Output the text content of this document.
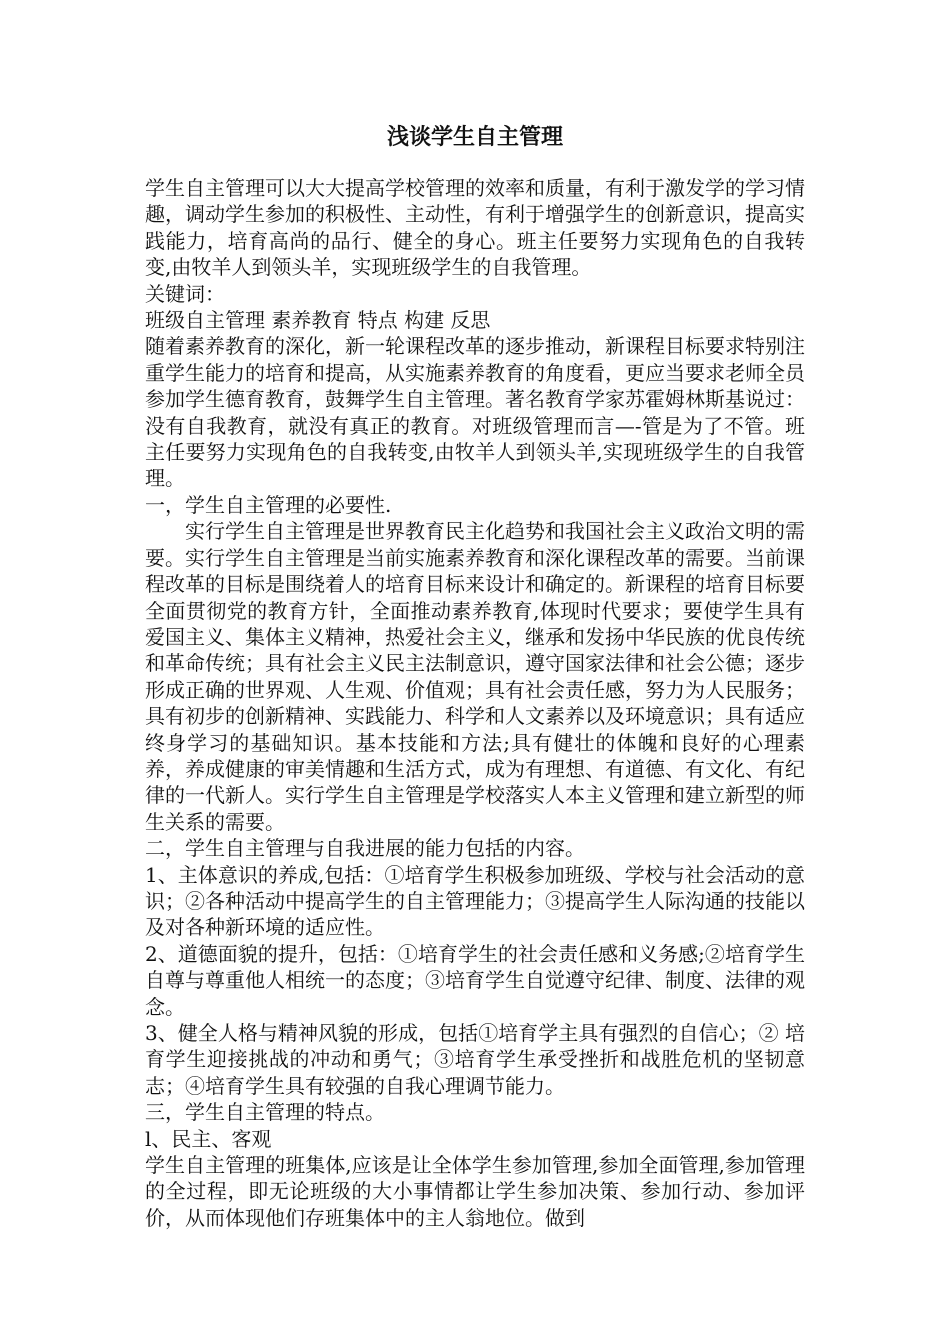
浅谈学生自主管理

学生自主管理可以大大提高学校管理的效率和质量，有利于激发学的学习情趣，调动学生参加的积极性、主动性，有利于增强学生的创新意识，提高实践能力，培育高尚的品行、健全的身心。班主任要努力实现角色的自我转变,由牧羊人到领头羊，实现班级学生的自我管理。

关键词：

班级自主管理 素养教育 特点 构建 反思

随着素养教育的深化，新一轮课程改革的逐步推动，新课程目标要求特别注重学生能力的培育和提高，从实施素养教育的角度看，更应当要求老师全员参加学生德育教育，鼓舞学生自主管理。著名教育学家苏霍姆林斯基说过：没有自我教育，就没有真正的教育。对班级管理而言—-管是为了不管。班主任要努力实现角色的自我转变,由牧羊人到领头羊,实现班级学生的自我管理。

一，学生自主管理的必要性.

实行学生自主管理是世界教育民主化趋势和我国社会主义政治文明的需要。实行学生自主管理是当前实施素养教育和深化课程改革的需要。当前课程改革的目标是围绕着人的培育目标来设计和确定的。新课程的培育目标要全面贯彻党的教育方针，全面推动素养教育,体现时代要求；要使学生具有爱国主义、集体主义精神，热爱社会主义，继承和发扬中华民族的优良传统和革命传统；具有社会主义民主法制意识，遵守国家法律和社会公德；逐步形成正确的世界观、人生观、价值观；具有社会责任感，努力为人民服务；具有初步的创新精神、实践能力、科学和人文素养以及环境意识；具有适应终身学习的基础知识。基本技能和方法;具有健壮的体魄和良好的心理素养，养成健康的审美情趣和生活方式，成为有理想、有道德、有文化、有纪律的一代新人。实行学生自主管理是学校落实人本主义管理和建立新型的师生关系的需要。

二，学生自主管理与自我进展的能力包括的内容。

1、主体意识的养成,包括：①培育学生积极参加班级、学校与社会活动的意识；②各种活动中提高学生的自主管理能力；③提高学生人际沟通的技能以及对各种新环境的适应性。

2、道德面貌的提升，包括：①培育学生的社会责任感和义务感;②培育学生自尊与尊重他人相统一的态度；③培育学生自觉遵守纪律、制度、法律的观念。

3、健全人格与精神风貌的形成，包括①培育学主具有强烈的自信心；② 培育学生迎接挑战的冲动和勇气；③培育学生承受挫折和战胜危机的坚韧意志；④培育学生具有较强的自我心理调节能力。

三，学生自主管理的特点。

l、民主、客观

学生自主管理的班集体,应该是让全体学生参加管理,参加全面管理,参加管理的全过程，即无论班级的大小事情都让学生参加决策、参加行动、参加评价，从而体现他们存班集体中的主人翁地位。做到
